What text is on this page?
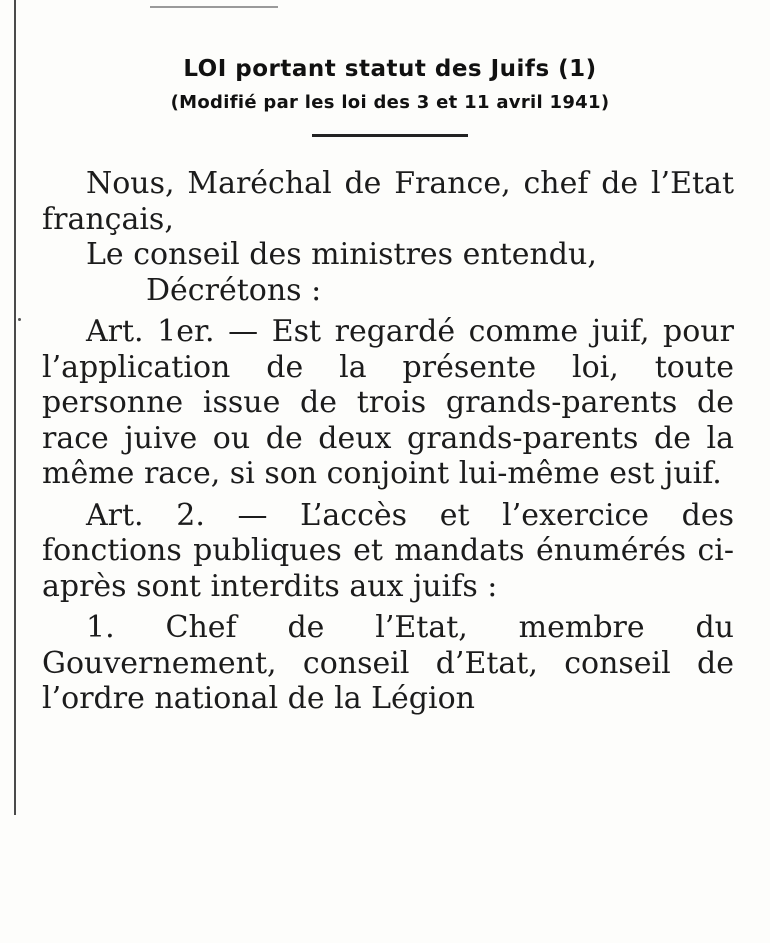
LOI portant statut des Juifs (1)
(Modifié par les loi des 3 et 11 avril 1941)

Nous, Maréchal de France, chef de l’Etat français,

Le conseil des ministres entendu,

Décrétons :

Art. 1er. — Est regardé comme juif, pour l’application de la présente loi, toute personne issue de trois grands-parents de race juive ou de deux grands-parents de la même race, si son conjoint lui-même est juif.

Art. 2. — L’accès et l’exercice des fonctions publiques et mandats énumérés ci-après sont interdits aux juifs :

1. Chef de l’Etat, membre du Gouvernement, conseil d’Etat, conseil de l’ordre national de la Légion
